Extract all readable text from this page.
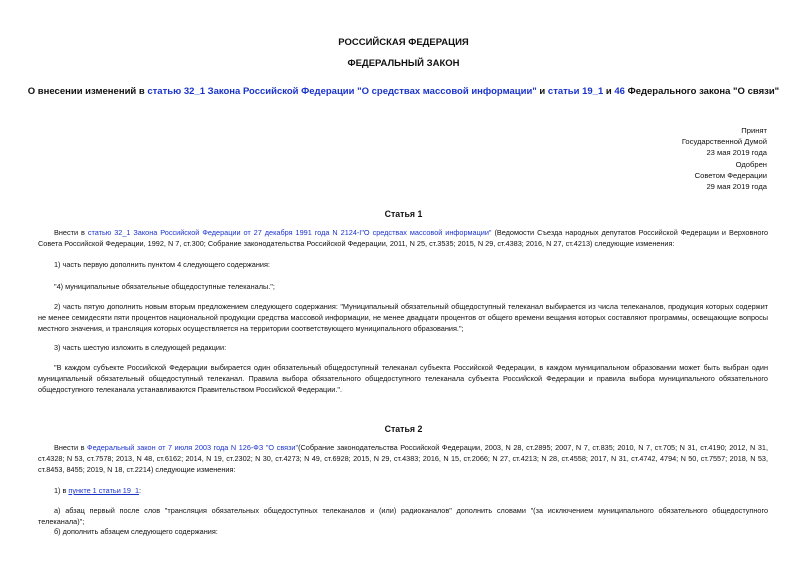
РОССИЙСКАЯ ФЕДЕРАЦИЯ
ФЕДЕРАЛЬНЫЙ ЗАКОН
О внесении изменений в статью 32_1 Закона Российской Федерации "О средствах массовой информации" и статьи 19_1 и 46 Федерального закона "О связи"
Принят
Государственной Думой
23 мая 2019 года
Одобрен
Советом Федерации
29 мая 2019 года
Статья 1

Внести в статью 32_1 Закона Российской Федерации от 27 декабря 1991 года N 2124-I"О средствах массовой информации" (Ведомости Съезда народных депутатов Российской Федерации и Верховного Совета Российской Федерации, 1992, N 7, ст.300; Собрание законодательства Российской Федерации, 2011, N 25, ст.3535; 2015, N 29, ст.4383; 2016, N 27, ст.4213) следующие изменения:

1) часть первую дополнить пунктом 4 следующего содержания:

"4) муниципальные обязательные общедоступные телеканалы.";

2) часть пятую дополнить новым вторым предложением следующего содержания: "Муниципальный обязательный общедоступный телеканал выбирается из числа телеканалов, продукция которых содержит не менее семидесяти пяти процентов национальной продукции средства массовой информации, не менее двадцати процентов от общего времени вещания которых составляют программы, освещающие вопросы местного значения, и трансляция которых осуществляется на территории соответствующего муниципального образования.";

3) часть шестую изложить в следующей редакции:

"В каждом субъекте Российской Федерации выбирается один обязательный общедоступный телеканал субъекта Российской Федерации, в каждом муниципальном образовании может быть выбран один муниципальный обязательный общедоступный телеканал. Правила выбора обязательного общедоступного телеканала субъекта Российской Федерации и правила выбора муниципального обязательного общедоступного телеканала устанавливаются Правительством Российской Федерации.".

Статья 2

Внести в Федеральный закон от 7 июля 2003 года N 126-ФЗ "О связи"(Собрание законодательства Российской Федерации, 2003, N 28, ст.2895; 2007, N 7, ст.835; 2010, N 7, ст.705; N 31, ст.4190; 2012, N 31, ст.4328; N 53, ст.7578; 2013, N 48, ст.6162; 2014, N 19, ст.2302; N 30, ст.4273; N 49, ст.6928; 2015, N 29, ст.4383; 2016, N 15, ст.2066; N 27, ст.4213; N 28, ст.4558; 2017, N 31, ст.4742, 4794; N 50, ст.7557; 2018, N 53, ст.8453, 8455; 2019, N 18, ст.2214) следующие изменения:

1) в пункте 1 статьи 19_1:

а) абзац первый после слов "трансляция обязательных общедоступных телеканалов и (или) радиоканалов" дополнить словами "(за исключением муниципального обязательного общедоступного телеканала)";

б) дополнить абзацем следующего содержания:
